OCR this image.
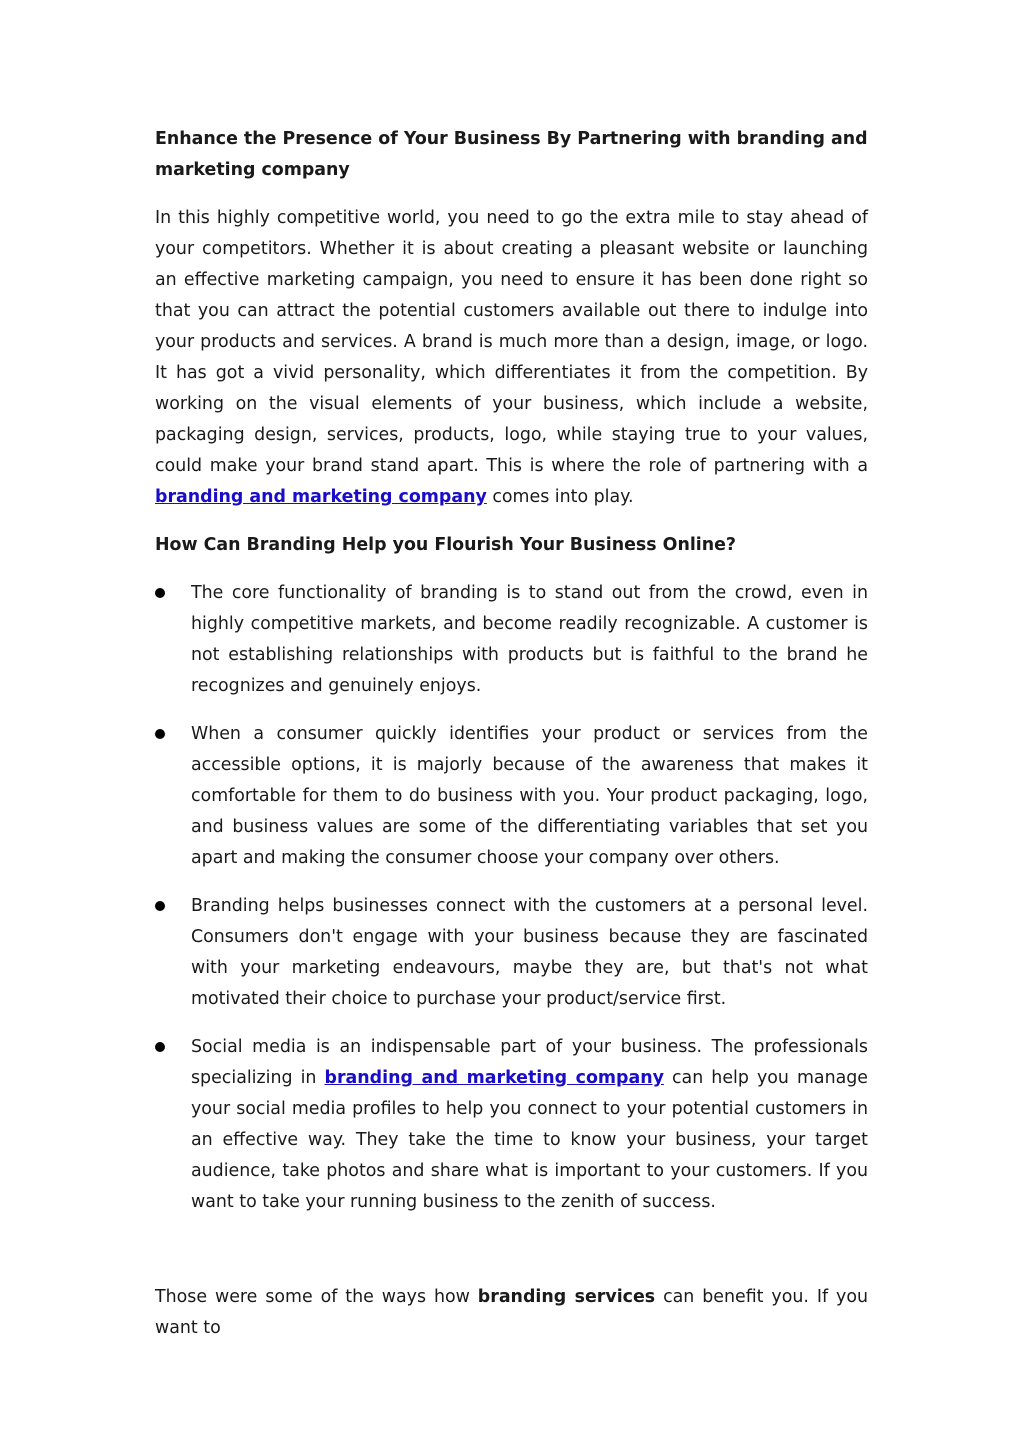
Enhance the Presence of Your Business By Partnering with branding and marketing company

In this highly competitive world, you need to go the extra mile to stay ahead of your competitors. Whether it is about creating a pleasant website or launching an effective marketing campaign, you need to ensure it has been done right so that you can attract the potential customers available out there to indulge into your products and services. A brand is much more than a design, image, or logo. It has got a vivid personality, which differentiates it from the competition. By working on the visual elements of your business, which include a website, packaging design, services, products, logo, while staying true to your values, could make your brand stand apart. This is where the role of partnering with a branding and marketing company comes into play.

How Can Branding Help you Flourish Your Business Online?

The core functionality of branding is to stand out from the crowd, even in highly competitive markets, and become readily recognizable. A customer is not establishing relationships with products but is faithful to the brand he recognizes and genuinely enjoys.
When a consumer quickly identifies your product or services from the accessible options, it is majorly because of the awareness that makes it comfortable for them to do business with you. Your product packaging, logo, and business values are some of the differentiating variables that set you apart and making the consumer choose your company over others.
Branding helps businesses connect with the customers at a personal level. Consumers don't engage with your business because they are fascinated with your marketing endeavours, maybe they are, but that's not what motivated their choice to purchase your product/service first.
Social media is an indispensable part of your business. The professionals specializing in branding and marketing company can help you manage your social media profiles to help you connect to your potential customers in an effective way. They take the time to know your business, your target audience, take photos and share what is important to your customers. If you want to take your running business to the zenith of success.

Those were some of the ways how branding services can benefit you. If you want to
